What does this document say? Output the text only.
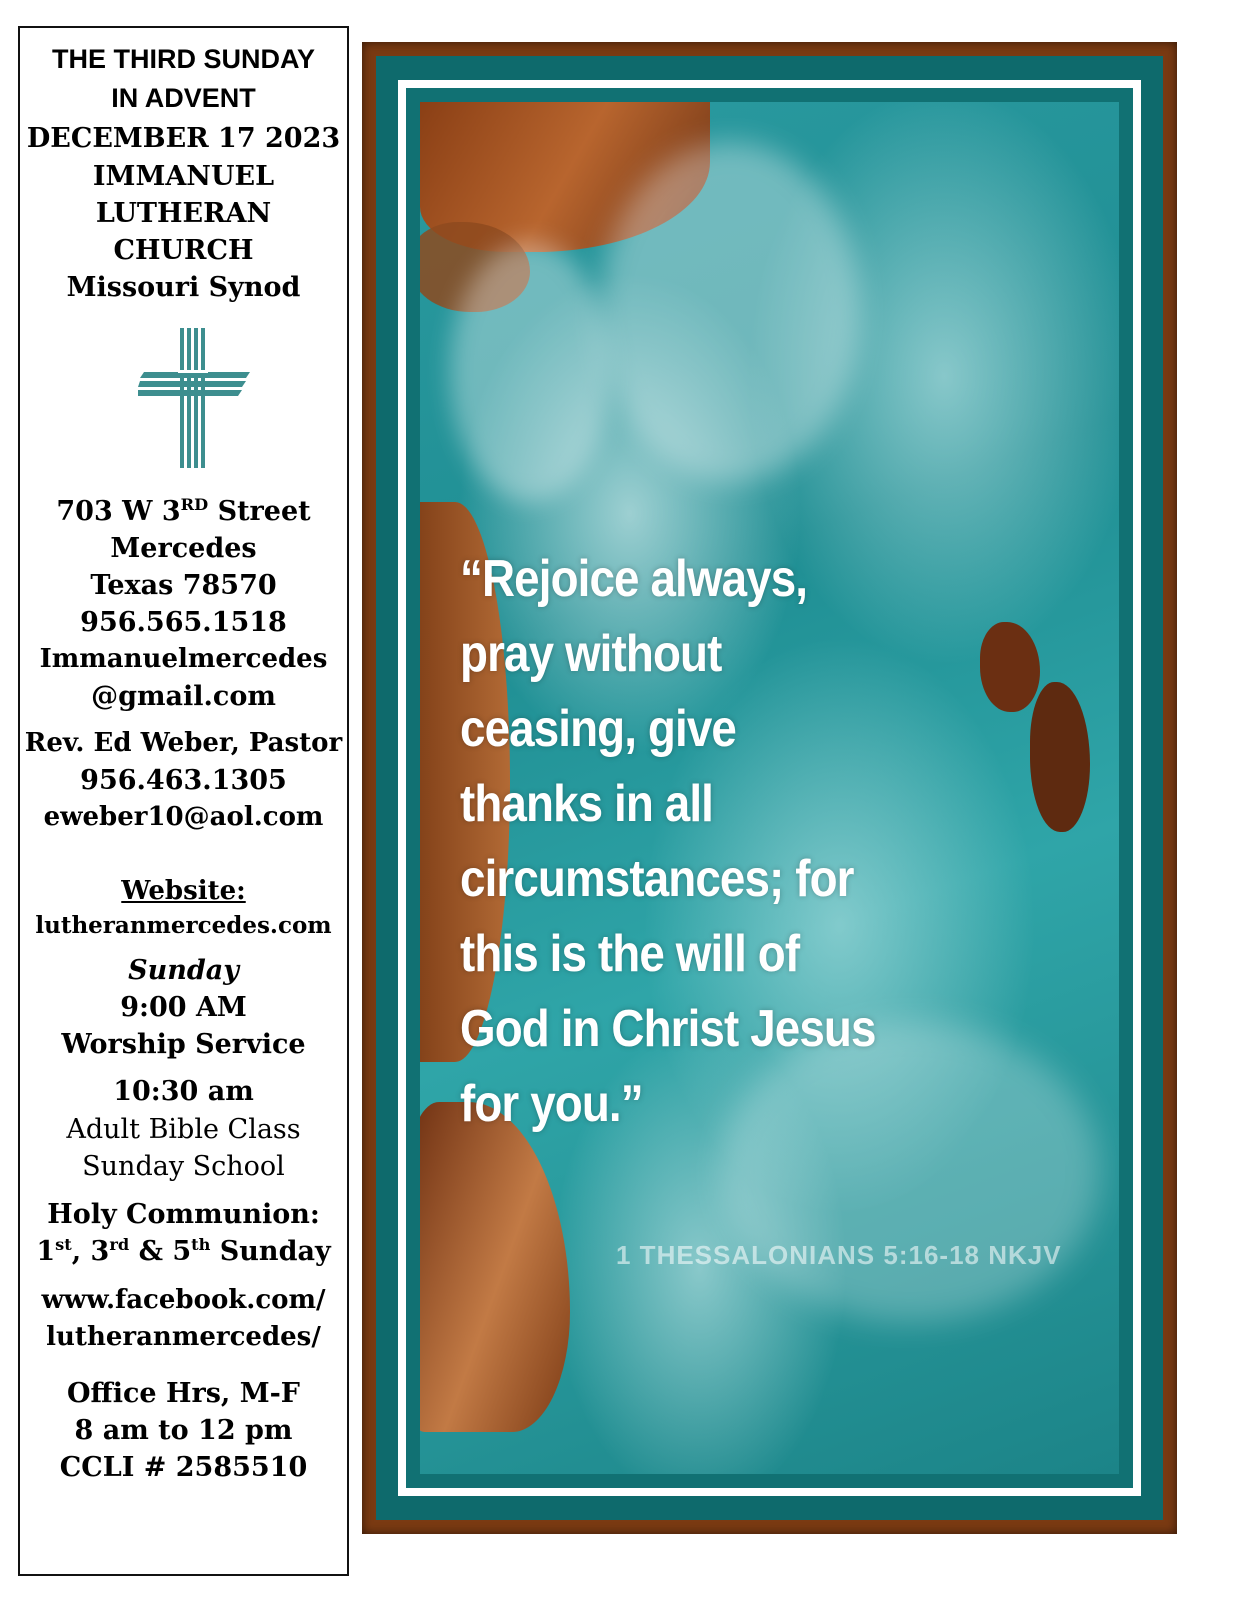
THE THIRD SUNDAY
IN ADVENT
DECEMBER 17 2023
IMMANUEL
LUTHERAN
CHURCH
Missouri Synod
703 W 3RD Street
Mercedes
Texas 78570
956.565.1518
Immanuelmercedes
@gmail.com
Rev. Ed Weber, Pastor
956.463.1305
eweber10@aol.com
Website:
lutheranmercedes.com
Sunday
9:00 AM
Worship Service
10:30 am
Adult Bible Class
Sunday School
Holy Communion:
1st, 3rd & 5th Sunday
www.facebook.com/
lutheranmercedes/
Office Hrs, M-F
8 am to 12 pm
CCLI # 2585510
“Rejoice always,
pray without
ceasing, give
thanks in all
circumstances; for
this is the will of
God in Christ Jesus
for you.”
1 THESSALONIANS 5:16-18 NKJV
